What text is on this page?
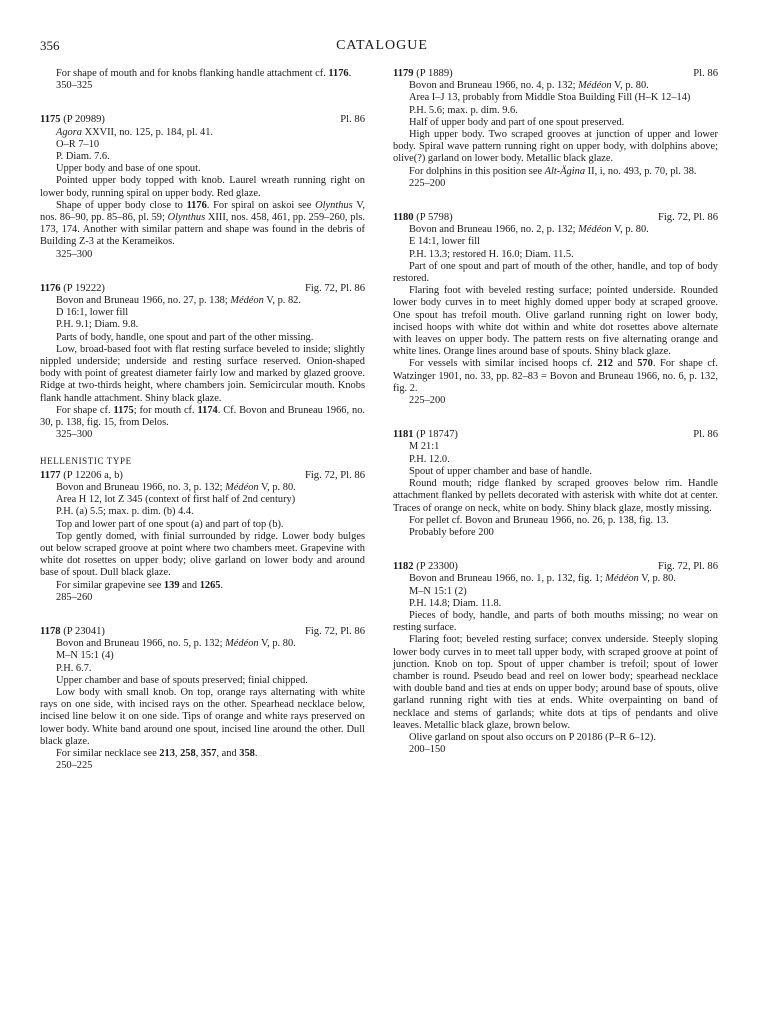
356	CATALOGUE

For shape of mouth and for knobs flanking handle attachment cf. 1176.

350–325
1175 (P 20989)	Pl. 86
Agora XXVII, no. 125, p. 184, pl. 41.
O–R 7–10
P. Diam. 7.6.

Upper body and base of one spout.

Pointed upper body topped with knob. Laurel wreath running right on lower body, running spiral on upper body. Red glaze.

Shape of upper body close to 1176. For spiral on askoi see Olynthus V, nos. 86–90, pp. 85–86, pl. 59; Olynthus XIII, nos. 458, 461, pp. 259–260, pls. 173, 174. Another with similar pattern and shape was found in the debris of Building Z-3 at the Kerameikos.

325–300
1176 (P 19222)	Fig. 72, Pl. 86
Bovon and Bruneau 1966, no. 27, p. 138; Médéon V, p. 82.
D 16:1, lower fill
P.H. 9.1; Diam. 9.8.

Parts of body, handle, one spout and part of the other missing.

Low, broad-based foot with flat resting surface beveled to inside; slightly nippled underside; underside and resting surface reserved. Onion-shaped body with point of greatest diameter fairly low and marked by glazed groove. Ridge at two-thirds height, where chambers join. Semicircular mouth. Knobs flank handle attachment. Shiny black glaze.

For shape cf. 1175; for mouth cf. 1174. Cf. Bovon and Bruneau 1966, no. 30, p. 138, fig. 15, from Delos.

325–300
HELLENISTIC TYPE
1177 (P 12206 a, b)	Fig. 72, Pl. 86
Bovon and Bruneau 1966, no. 3, p. 132; Médéon V, p. 80.
Area H 12, lot Z 345 (context of first half of 2nd century)
P.H. (a) 5.5; max. p. dim. (b) 4.4.

Top and lower part of one spout (a) and part of top (b).

Top gently domed, with finial surrounded by ridge. Lower body bulges out below scraped groove at point where two chambers meet. Grapevine with white dot rosettes on upper body; olive garland on lower body and around base of spout. Dull black glaze.

For similar grapevine see 139 and 1265.

285–260
1178 (P 23041)	Fig. 72, Pl. 86
Bovon and Bruneau 1966, no. 5, p. 132; Médéon V, p. 80.
M–N 15:1 (4)
P.H. 6.7.

Upper chamber and base of spouts preserved; finial chipped.

Low body with small knob. On top, orange rays alternating with white rays on one side, with incised rays on the other. Spearhead necklace below, incised line below it on one side. Tips of orange and white rays preserved on lower body. White band around one spout, incised line around the other. Dull black glaze.

For similar necklace see 213, 258, 357, and 358.

250–225
1179 (P 1889)	Pl. 86
Bovon and Bruneau 1966, no. 4, p. 132; Médéon V, p. 80.
Area I–J 13, probably from Middle Stoa Building Fill (H–K 12–14)
P.H. 5.6; max. p. dim. 9.6.

Half of upper body and part of one spout preserved.

High upper body. Two scraped grooves at junction of upper and lower body. Spiral wave pattern running right on upper body, with dolphins above; olive(?) garland on lower body. Metallic black glaze.

For dolphins in this position see Alt-Ägina II, i, no. 493, p. 70, pl. 38.

225–200
1180 (P 5798)	Fig. 72, Pl. 86
Bovon and Bruneau 1966, no. 2, p. 132; Médéon V, p. 80.
E 14:1, lower fill
P.H. 13.3; restored H. 16.0; Diam. 11.5.

Part of one spout and part of mouth of the other, handle, and top of body restored.

Flaring foot with beveled resting surface; pointed underside. Rounded lower body curves in to meet highly domed upper body at scraped groove. One spout has trefoil mouth. Olive garland running right on lower body, incised hoops with white dot within and white dot rosettes above alternate with leaves on upper body. The pattern rests on five alternating orange and white lines. Orange lines around base of spouts. Shiny black glaze.

For vessels with similar incised hoops cf. 212 and 570. For shape cf. Watzinger 1901, no. 33, pp. 82–83 = Bovon and Bruneau 1966, no. 6, p. 132, fig. 2.

225–200
1181 (P 18747)	Pl. 86
M 21:1
P.H. 12.0.

Spout of upper chamber and base of handle.

Round mouth; ridge flanked by scraped grooves below rim. Handle attachment flanked by pellets decorated with asterisk with white dot at center. Traces of orange on neck, white on body. Shiny black glaze, mostly missing.

For pellet cf. Bovon and Bruneau 1966, no. 26, p. 138, fig. 13.

Probably before 200
1182 (P 23300)	Fig. 72, Pl. 86
Bovon and Bruneau 1966, no. 1, p. 132, fig. 1; Médéon V, p. 80.
M–N 15:1 (2)
P.H. 14.8; Diam. 11.8.

Pieces of body, handle, and parts of both mouths missing; no wear on resting surface.

Flaring foot; beveled resting surface; convex underside. Steeply sloping lower body curves in to meet tall upper body, with scraped groove at point of junction. Knob on top. Spout of upper chamber is trefoil; spout of lower chamber is round. Pseudo bead and reel on lower body; spearhead necklace with double band and ties at ends on upper body; around base of spouts, olive garland running right with ties at ends. White overpainting on band of necklace and stems of garlands; white dots at tips of pendants and olive leaves. Metallic black glaze, brown below.

Olive garland on spout also occurs on P 20186 (P–R 6–12).

200–150
